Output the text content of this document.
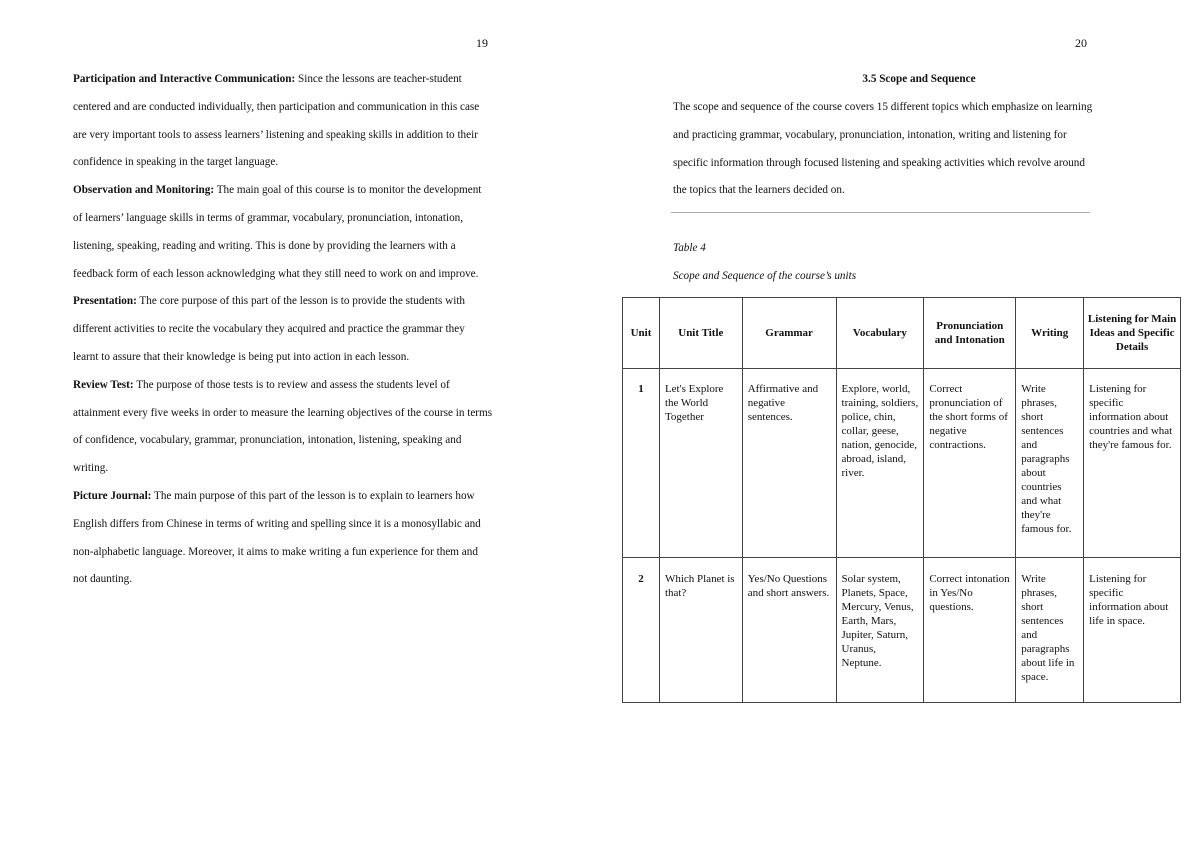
19

Participation and Interactive Communication: Since the lessons are teacher-student centered and are conducted individually, then participation and communication in this case are very important tools to assess learners’ listening and speaking skills in addition to their confidence in speaking in the target language.

Observation and Monitoring: The main goal of this course is to monitor the development of learners’ language skills in terms of grammar, vocabulary, pronunciation, intonation, listening, speaking, reading and writing. This is done by providing the learners with a feedback form of each lesson acknowledging what they still need to work on and improve.

Presentation: The core purpose of this part of the lesson is to provide the students with different activities to recite the vocabulary they acquired and practice the grammar they learnt to assure that their knowledge is being put into action in each lesson.

Review Test: The purpose of those tests is to review and assess the students level of attainment every five weeks in order to measure the learning objectives of the course in terms of confidence, vocabulary, grammar, pronunciation, intonation, listening, speaking and writing.

Picture Journal: The main purpose of this part of the lesson is to explain to learners how English differs from Chinese in terms of writing and spelling since it is a monosyllabic and non-alphabetic language. Moreover, it aims to make writing a fun experience for them and not daunting.

20
3.5 Scope and Sequence

The scope and sequence of the course covers 15 different topics which emphasize on learning and practicing grammar, vocabulary, pronunciation, intonation, writing and listening for specific information through focused listening and speaking activities which revolve around the topics that the learners decided on.

Table 4
Scope and Sequence of the course’s units
Unit	Unit Title	Grammar	Vocabulary	Pronunciation and Intonation	Writing	Listening for Main Ideas and Specific Details
1	Let's Explore the World Together	Affirmative and negative sentences.	Explore, world, training, soldiers, police, chin, collar, geese, nation, genocide, abroad, island, river.	Correct pronunciation of the short forms of negative contractions.	Write phrases, short sentences and paragraphs about countries and what they're famous for.	Listening for specific information about countries and what they're famous for.
2	Which Planet is that?	Yes/No Questions and short answers.	Solar system, Planets, Space, Mercury, Venus, Earth, Mars, Jupiter, Saturn, Uranus, Neptune.	Correct intonation in Yes/No questions.	Write phrases, short sentences and paragraphs about life in space.	Listening for specific information about life in space.
